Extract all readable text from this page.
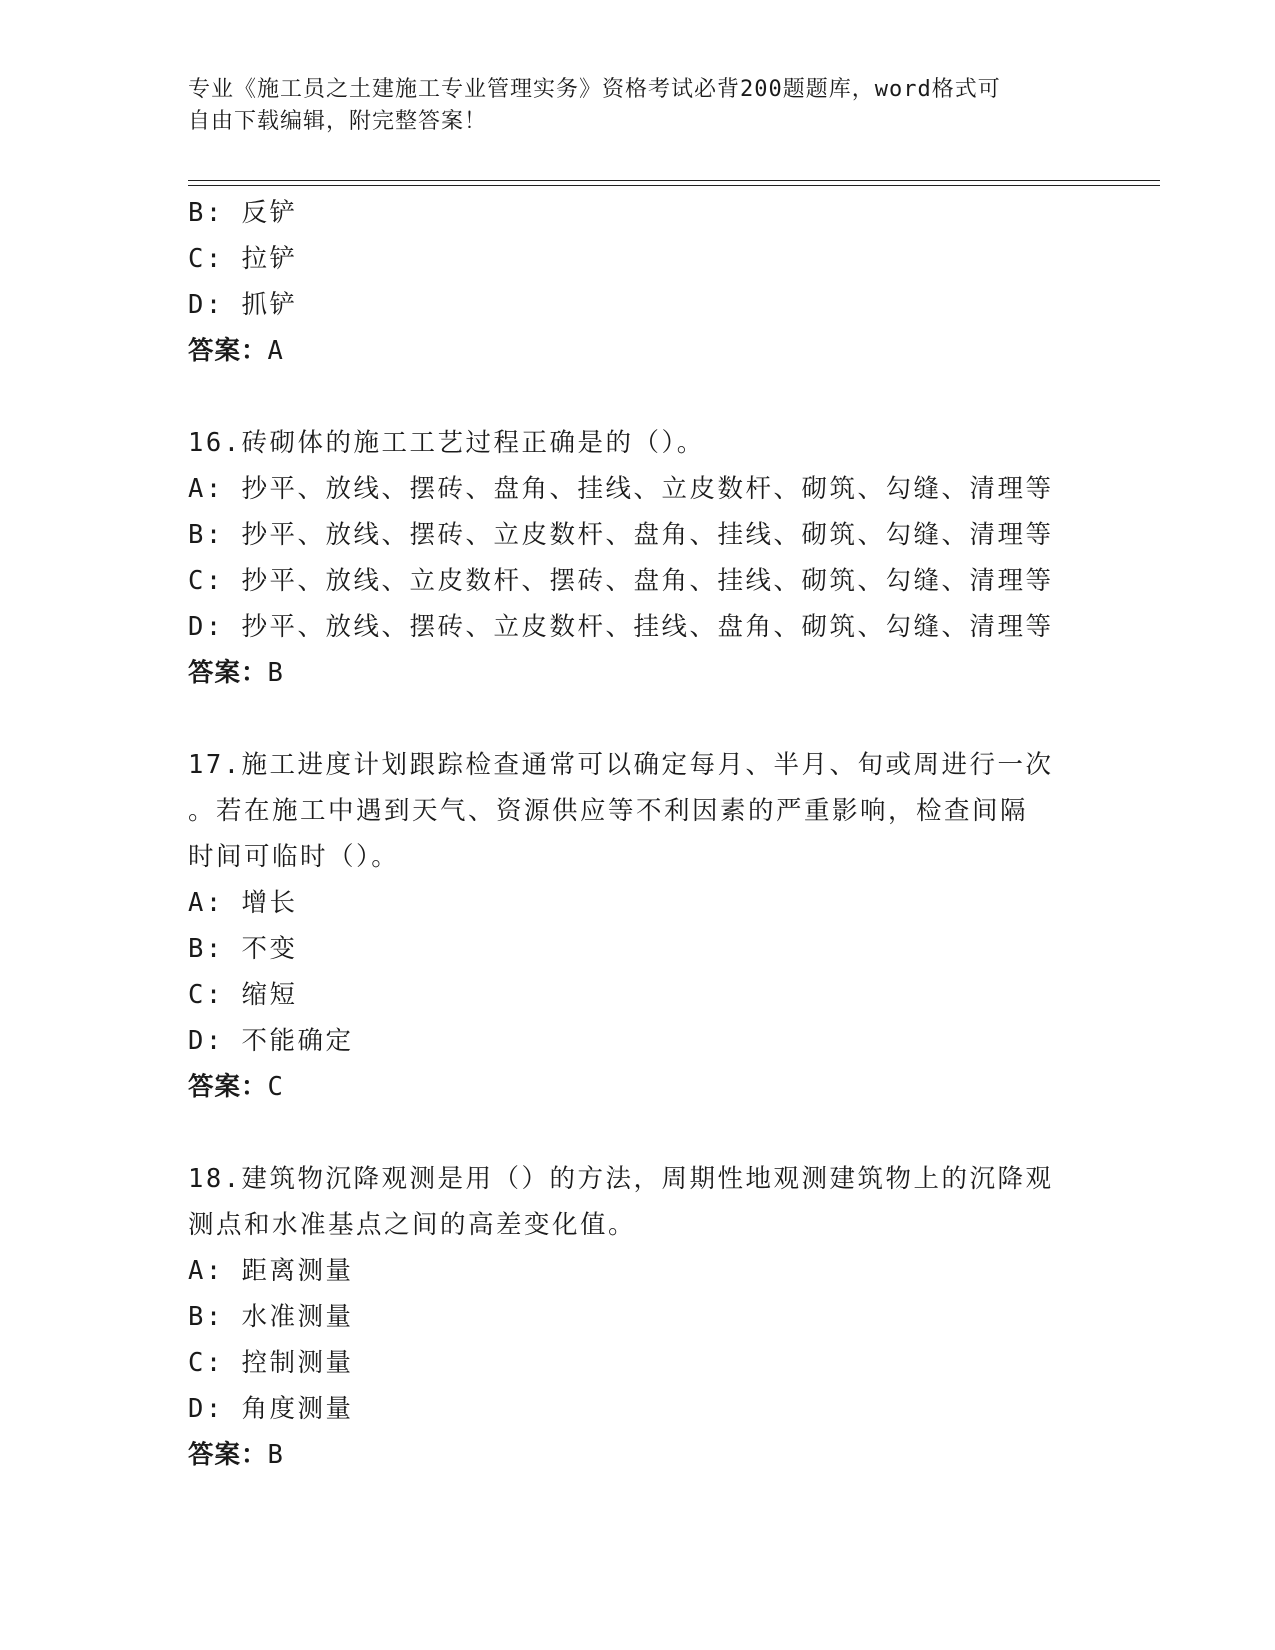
专业《施工员之土建施工专业管理实务》资格考试必背200题题库，word格式可
自由下载编辑，附完整答案！
B: 反铲
C: 拉铲
D: 抓铲
答案：A
16.砖砌体的施工工艺过程正确是的（）。
A: 抄平、放线、摆砖、盘角、挂线、立皮数杆、砌筑、勾缝、清理等
B: 抄平、放线、摆砖、立皮数杆、盘角、挂线、砌筑、勾缝、清理等
C: 抄平、放线、立皮数杆、摆砖、盘角、挂线、砌筑、勾缝、清理等
D: 抄平、放线、摆砖、立皮数杆、挂线、盘角、砌筑、勾缝、清理等
答案：B
17.施工进度计划跟踪检查通常可以确定每月、半月、旬或周进行一次
。若在施工中遇到天气、资源供应等不利因素的严重影响，检查间隔
时间可临时（）。
A: 增长
B: 不变
C: 缩短
D: 不能确定
答案：C
18.建筑物沉降观测是用（）的方法，周期性地观测建筑物上的沉降观
测点和水准基点之间的高差变化值。
A: 距离测量
B: 水准测量
C: 控制测量
D: 角度测量
答案：B
